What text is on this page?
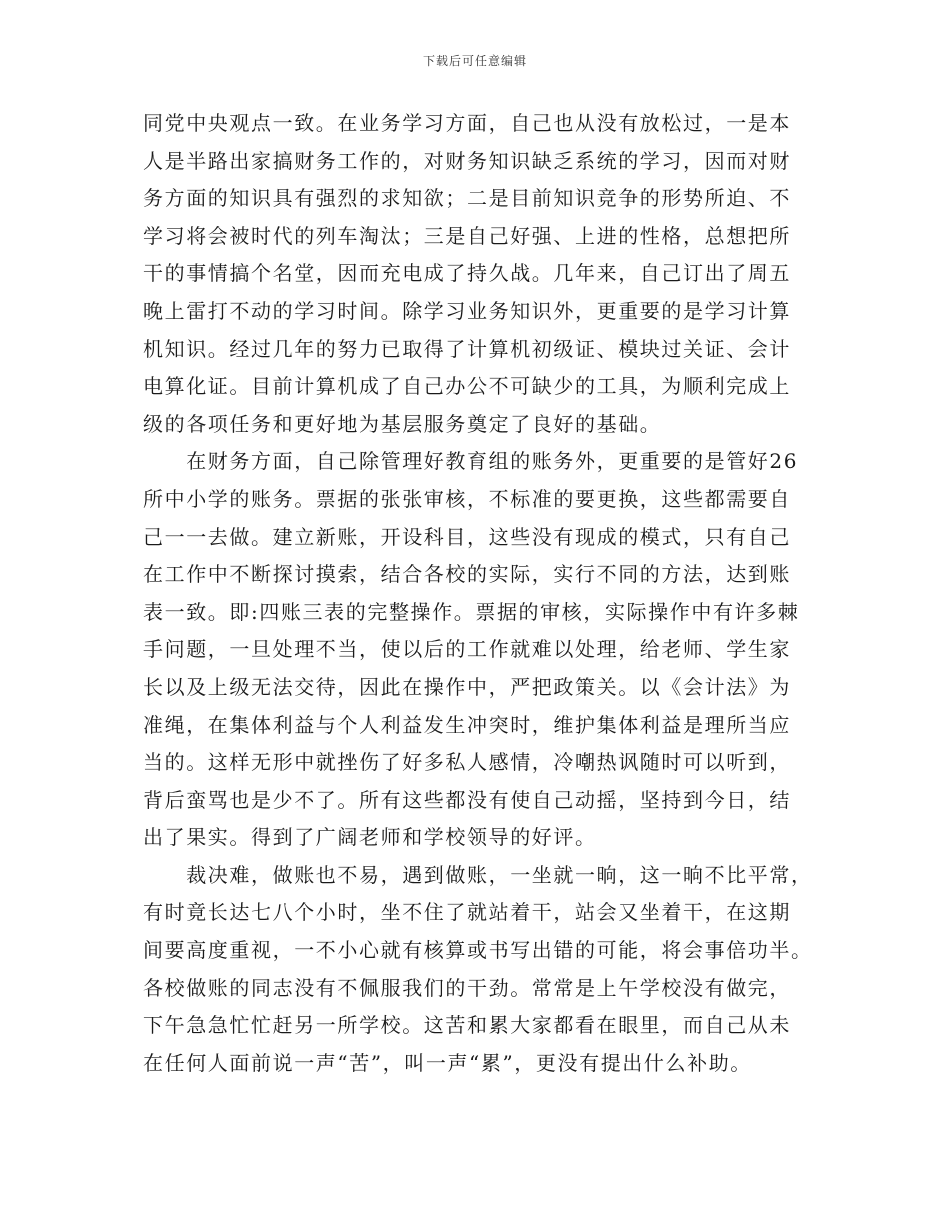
下载后可任意编辑
同党中央观点一致。在业务学习方面，自己也从没有放松过，一是本
人是半路出家搞财务工作的，对财务知识缺乏系统的学习，因而对财
务方面的知识具有强烈的求知欲；二是目前知识竞争的形势所迫、不
学习将会被时代的列车淘汰；三是自己好强、上进的性格，总想把所
干的事情搞个名堂，因而充电成了持久战。几年来，自己订出了周五
晚上雷打不动的学习时间。除学习业务知识外，更重要的是学习计算
机知识。经过几年的努力已取得了计算机初级证、模块过关证、会计
电算化证。目前计算机成了自己办公不可缺少的工具，为顺利完成上
级的各项任务和更好地为基层服务奠定了良好的基础。
　　在财务方面，自己除管理好教育组的账务外，更重要的是管好26
所中小学的账务。票据的张张审核，不标准的要更换，这些都需要自
己一一去做。建立新账，开设科目，这些没有现成的模式，只有自己
在工作中不断探讨摸索，结合各校的实际，实行不同的方法，达到账
表一致。即:四账三表的完整操作。票据的审核，实际操作中有许多棘
手问题，一旦处理不当，使以后的工作就难以处理，给老师、学生家
长以及上级无法交待，因此在操作中，严把政策关。以《会计法》为
准绳，在集体利益与个人利益发生冲突时，维护集体利益是理所当应
当的。这样无形中就挫伤了好多私人感情，冷嘲热讽随时可以听到，
背后蛮骂也是少不了。所有这些都没有使自己动摇，坚持到今日，结
出了果实。得到了广阔老师和学校领导的好评。
　　裁决难，做账也不易，遇到做账，一坐就一晌，这一晌不比平常，
有时竟长达七八个小时，坐不住了就站着干，站会又坐着干，在这期
间要高度重视，一不小心就有核算或书写出错的可能，将会事倍功半。
各校做账的同志没有不佩服我们的干劲。常常是上午学校没有做完，
下午急急忙忙赶另一所学校。这苦和累大家都看在眼里，而自己从未
在任何人面前说一声“苦”，叫一声“累”，更没有提出什么补助。
